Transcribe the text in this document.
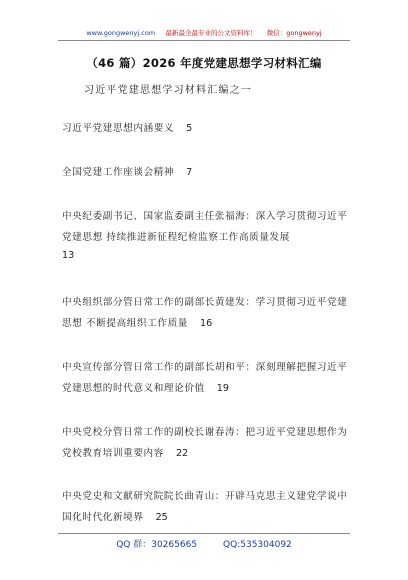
www.gongwenyj.com 最新最全最专业的公文资料库！ 微信：gongwenyj
（46 篇）2026 年度党建思想学习材料汇编
习近平党建思想学习材料汇编之一
习近平党建思想内涵要义 5
全国党建工作座谈会精神 7
中央纪委副书记、国家监委副主任张福海：深入学习贯彻习近平党建思想 持续推进新征程纪检监察工作高质量发展
13
中央组织部分管日常工作的副部长黄建发：学习贯彻习近平党建思想 不断提高组织工作质量 16
中央宣传部分管日常工作的副部长胡和平：深刻理解把握习近平党建思想的时代意义和理论价值 19
中央党校分管日常工作的副校长谢春涛：把习近平党建思想作为党校教育培训重要内容 22
中央党史和文献研究院院长曲青山：开辟马克思主义建党学说中国化时代化新境界 25
QQ 群：30265665	QQ:535304092
